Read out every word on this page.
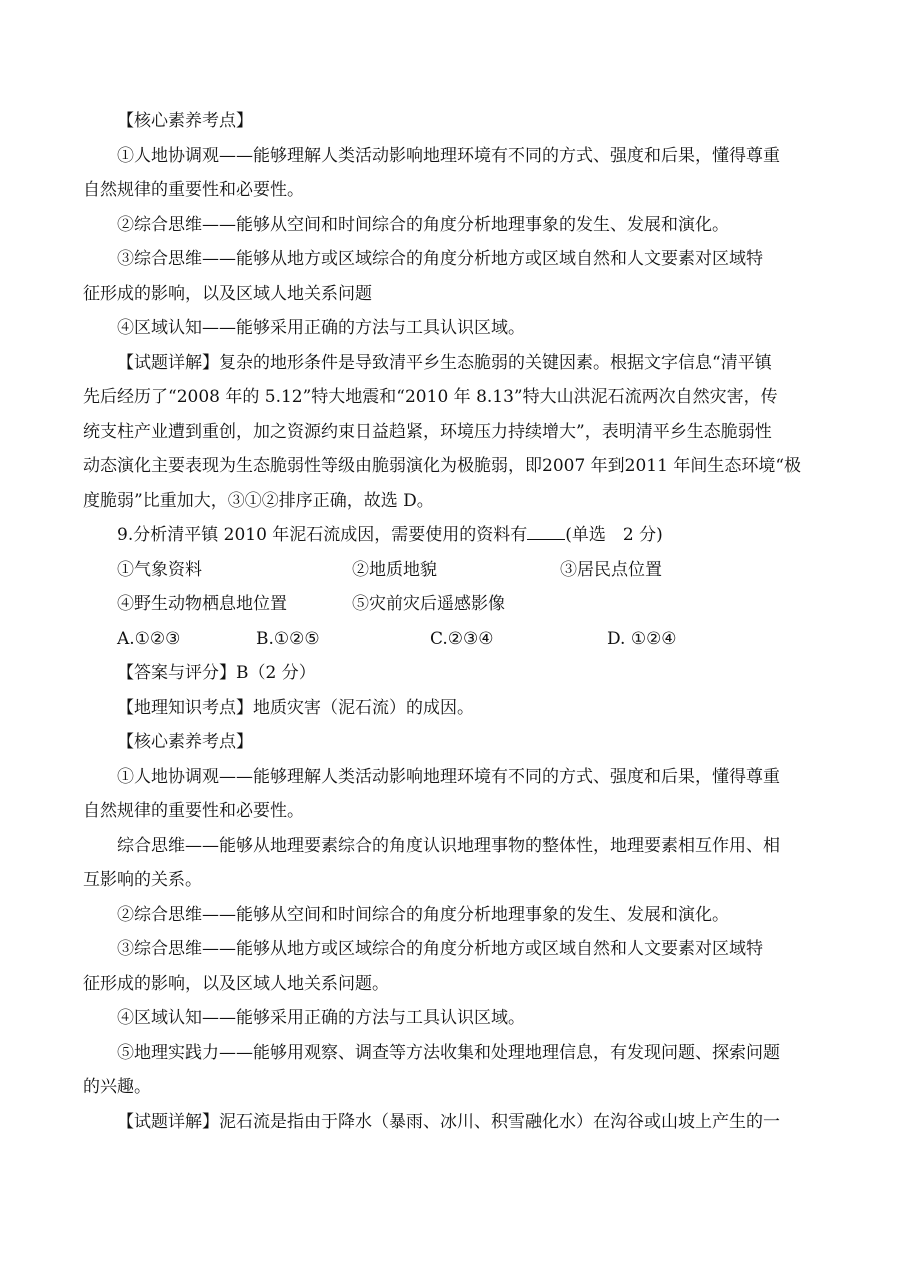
【核心素养考点】

①人地协调观——能够理解人类活动影响地理环境有不同的方式、强度和后果，懂得尊重

自然规律的重要性和必要性。

②综合思维——能够从空间和时间综合的角度分析地理事象的发生、发展和演化。

③综合思维——能够从地方或区域综合的角度分析地方或区域自然和人文要素对区域特

征形成的影响，以及区域人地关系问题

④区域认知——能够采用正确的方法与工具认识区域。

【试题详解】复杂的地形条件是导致清平乡生态脆弱的关键因素。根据文字信息“清平镇

先后经历了“2008 年的 5.12”特大地震和“2010 年 8.13”特大山洪泥石流两次自然灾害，传

统支柱产业遭到重创，加之资源约束日益趋紧，环境压力持续增大”，表明清平乡生态脆弱性

动态演化主要表现为生态脆弱性等级由脆弱演化为极脆弱，即2007 年到2011 年间生态环境“极

度脆弱”比重加大，③①②排序正确，故选 D。

9.分析清平镇 2010 年泥石流成因，需要使用的资料有 (单选　2 分)

①气象资料	②地质地貌	③居民点位置
④野生动物栖息地位置	⑤灾前灾后遥感影像
A.①②③	B.①②⑤	C.②③④	D. ①②④

【答案与评分】B（2 分）

【地理知识考点】地质灾害（泥石流）的成因。

【核心素养考点】

①人地协调观——能够理解人类活动影响地理环境有不同的方式、强度和后果，懂得尊重

自然规律的重要性和必要性。

综合思维——能够从地理要素综合的角度认识地理事物的整体性，地理要素相互作用、相

互影响的关系。

②综合思维——能够从空间和时间综合的角度分析地理事象的发生、发展和演化。

③综合思维——能够从地方或区域综合的角度分析地方或区域自然和人文要素对区域特

征形成的影响，以及区域人地关系问题。

④区域认知——能够采用正确的方法与工具认识区域。

⑤地理实践力——能够用观察、调查等方法收集和处理地理信息，有发现问题、探索问题

的兴趣。

【试题详解】泥石流是指由于降水（暴雨、冰川、积雪融化水）在沟谷或山坡上产生的一
